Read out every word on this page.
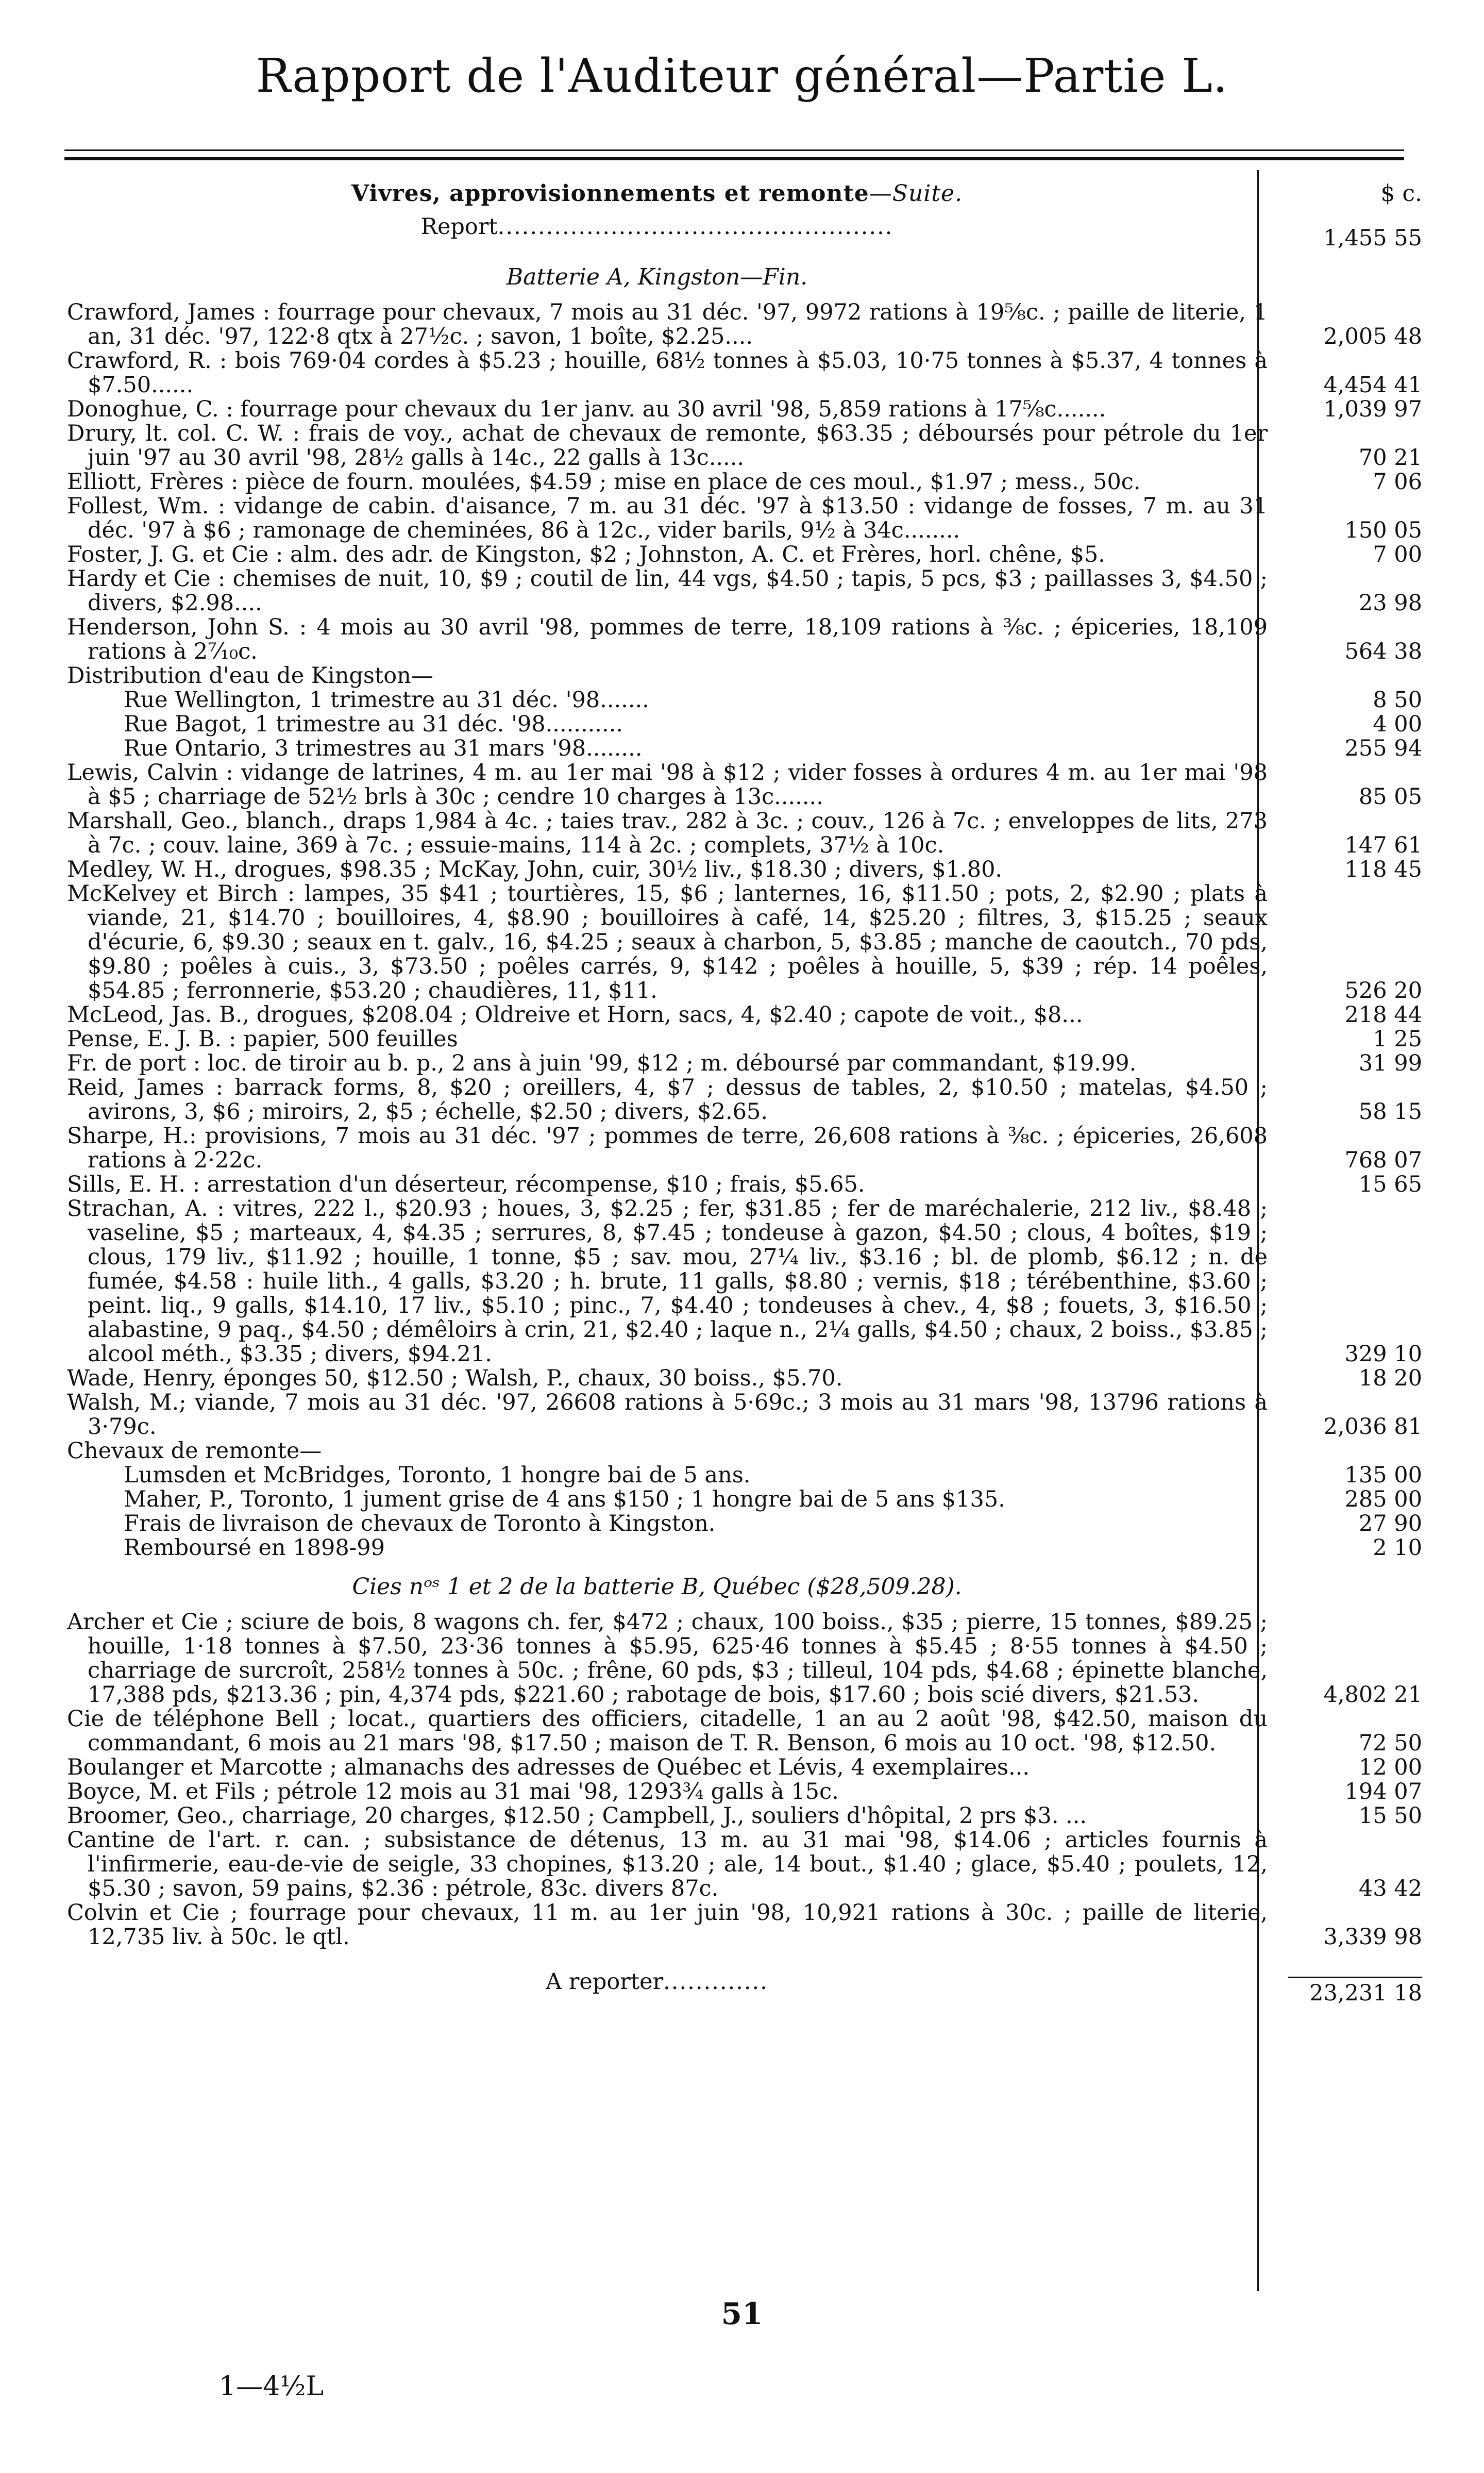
Rapport de l'Auditeur général—Partie L.
Vivres, approvisionnements et remonte—Suite.	$ c.
Report.................................................	1,455 55
Batterie A, Kingston—Fin.
Crawford, James : fourrage pour chevaux, 7 mois au 31 déc. '97, 9972 rations à 19⅝c. ; paille de literie, 1 an, 31 déc. '97, 122·8 qtx à 27½c. ; savon, 1 boîte, $2.25....	2,005 48
Crawford, R. : bois 769·04 cordes à $5.23 ; houille, 68½ tonnes à $5.03, 10·75 tonnes à $5.37, 4 tonnes à $7.50......	4,454 41
Donoghue, C. : fourrage pour chevaux du 1er janv. au 30 avril '98, 5,859 rations à 17⅝c.......	1,039 97
Drury, lt. col. C. W. : frais de voy., achat de chevaux de remonte, $63.35 ; déboursés pour pétrole du 1er juin '97 au 30 avril '98, 28½ galls à 14c., 22 galls à 13c.....	70 21
Elliott, Frères : pièce de fourn. moulées, $4.59 ; mise en place de ces moul., $1.97 ; mess., 50c.	7 06
Follest, Wm. : vidange de cabin. d'aisance, 7 m. au 31 déc. '97 à $13.50 : vidange de fosses, 7 m. au 31 déc. '97 à $6 ; ramonage de cheminées, 86 à 12c., vider barils, 9½ à 34c........	150 05
Foster, J. G. et Cie : alm. des adr. de Kingston, $2 ; Johnston, A. C. et Frères, horl. chêne, $5.	7 00
Hardy et Cie : chemises de nuit, 10, $9 ; coutil de lin, 44 vgs, $4.50 ; tapis, 5 pcs, $3 ; paillasses 3, $4.50 ; divers, $2.98....	23 98
Henderson, John S. : 4 mois au 30 avril '98, pommes de terre, 18,109 rations à ⅜c. ; épiceries, 18,109 rations à 2⁷⁄₁₀c.	564 38
Distribution d'eau de Kingston—
Rue Wellington, 1 trimestre au 31 déc. '98.......	8 50
Rue Bagot, 1 trimestre au 31 déc. '98...........	4 00
Rue Ontario, 3 trimestres au 31 mars '98........	255 94
Lewis, Calvin : vidange de latrines, 4 m. au 1er mai '98 à $12 ; vider fosses à ordures 4 m. au 1er mai '98 à $5 ; charriage de 52½ brls à 30c ; cendre 10 charges à 13c.......	85 05
Marshall, Geo., blanch., draps 1,984 à 4c. ; taies trav., 282 à 3c. ; couv., 126 à 7c. ; enveloppes de lits, 273 à 7c. ; couv. laine, 369 à 7c. ; essuie-mains, 114 à 2c. ; complets, 37½ à 10c.	147 61
Medley, W. H., drogues, $98.35 ; McKay, John, cuir, 30½ liv., $18.30 ; divers, $1.80.	118 45
McKelvey et Birch : lampes, 35 $41 ; tourtières, 15, $6 ; lanternes, 16, $11.50 ; pots, 2, $2.90 ; plats à viande, 21, $14.70 ; bouilloires, 4, $8.90 ; bouilloires à café, 14, $25.20 ; filtres, 3, $15.25 ; seaux d'écurie, 6, $9.30 ; seaux en t. galv., 16, $4.25 ; seaux à charbon, 5, $3.85 ; manche de caoutch., 70 pds, $9.80 ; poêles à cuis., 3, $73.50 ; poêles carrés, 9, $142 ; poêles à houille, 5, $39 ; rép. 14 poêles, $54.85 ; ferronnerie, $53.20 ; chaudières, 11, $11.	526 20
McLeod, Jas. B., drogues, $208.04 ; Oldreive et Horn, sacs, 4, $2.40 ; capote de voit., $8...	218 44
Pense, E. J. B. : papier, 500 feuilles	1 25
Fr. de port : loc. de tiroir au b. p., 2 ans à juin '99, $12 ; m. déboursé par commandant, $19.99.	31 99
Reid, James : barrack forms, 8, $20 ; oreillers, 4, $7 ; dessus de tables, 2, $10.50 ; matelas, $4.50 ; avirons, 3, $6 ; miroirs, 2, $5 ; échelle, $2.50 ; divers, $2.65.	58 15
Sharpe, H.: provisions, 7 mois au 31 déc. '97 ; pommes de terre, 26,608 rations à ⅜c. ; épiceries, 26,608 rations à 2·22c.	768 07
Sills, E. H. : arrestation d'un déserteur, récompense, $10 ; frais, $5.65.	15 65
Strachan, A. : vitres, 222 l., $20.93 ; houes, 3, $2.25 ; fer, $31.85 ; fer de maréchalerie, 212 liv., $8.48 ; vaseline, $5 ; marteaux, 4, $4.35 ; serrures, 8, $7.45 ; tondeuse à gazon, $4.50 ; clous, 4 boîtes, $19 ; clous, 179 liv., $11.92 ; houille, 1 tonne, $5 ; sav. mou, 27¼ liv., $3.16 ; bl. de plomb, $6.12 ; n. de fumée, $4.58 : huile lith., 4 galls, $3.20 ; h. brute, 11 galls, $8.80 ; vernis, $18 ; térébenthine, $3.60 ; peint. liq., 9 galls, $14.10, 17 liv., $5.10 ; pinc., 7, $4.40 ; tondeuses à chev., 4, $8 ; fouets, 3, $16.50 ; alabastine, 9 paq., $4.50 ; démêloirs à crin, 21, $2.40 ; laque n., 2¼ galls, $4.50 ; chaux, 2 boiss., $3.85 ; alcool méth., $3.35 ; divers, $94.21.	329 10
Wade, Henry, éponges 50, $12.50 ; Walsh, P., chaux, 30 boiss., $5.70.	18 20
Walsh, M.; viande, 7 mois au 31 déc. '97, 26608 rations à 5·69c.; 3 mois au 31 mars '98, 13796 rations à 3·79c.	2,036 81
Chevaux de remonte—
Lumsden et McBridges, Toronto, 1 hongre bai de 5 ans.	135 00
Maher, P., Toronto, 1 jument grise de 4 ans $150 ; 1 hongre bai de 5 ans $135.	285 00
Frais de livraison de chevaux de Toronto à Kingston.	27 90
Remboursé en 1898-99	2 10
Cies nᵒˢ 1 et 2 de la batterie B, Québec ($28,509.28).
Archer et Cie ; sciure de bois, 8 wagons ch. fer, $472 ; chaux, 100 boiss., $35 ; pierre, 15 tonnes, $89.25 ; houille, 1·18 tonnes à $7.50, 23·36 tonnes à $5.95, 625·46 tonnes à $5.45 ; 8·55 tonnes à $4.50 ; charriage de surcroît, 258½ tonnes à 50c. ; frêne, 60 pds, $3 ; tilleul, 104 pds, $4.68 ; épinette blanche, 17,388 pds, $213.36 ; pin, 4,374 pds, $221.60 ; rabotage de bois, $17.60 ; bois scié divers, $21.53.	4,802 21
Cie de téléphone Bell ; locat., quartiers des officiers, citadelle, 1 an au 2 août '98, $42.50, maison du commandant, 6 mois au 21 mars '98, $17.50 ; maison de T. R. Benson, 6 mois au 10 oct. '98, $12.50.	72 50
Boulanger et Marcotte ; almanachs des adresses de Québec et Lévis, 4 exemplaires...	12 00
Boyce, M. et Fils ; pétrole 12 mois au 31 mai '98, 1293¾ galls à 15c.	194 07
Broomer, Geo., charriage, 20 charges, $12.50 ; Campbell, J., souliers d'hôpital, 2 prs $3. ...	15 50
Cantine de l'art. r. can. ; subsistance de détenus, 13 m. au 31 mai '98, $14.06 ; articles fournis à l'infirmerie, eau-de-vie de seigle, 33 chopines, $13.20 ; ale, 14 bout., $1.40 ; glace, $5.40 ; poulets, 12, $5.30 ; savon, 59 pains, $2.36 : pétrole, 83c. divers 87c.	43 42
Colvin et Cie ; fourrage pour chevaux, 11 m. au 1er juin '98, 10,921 rations à 30c. ; paille de literie, 12,735 liv. à 50c. le qtl.	3,339 98
A reporter.............	23,231 18
51
1—4½L
